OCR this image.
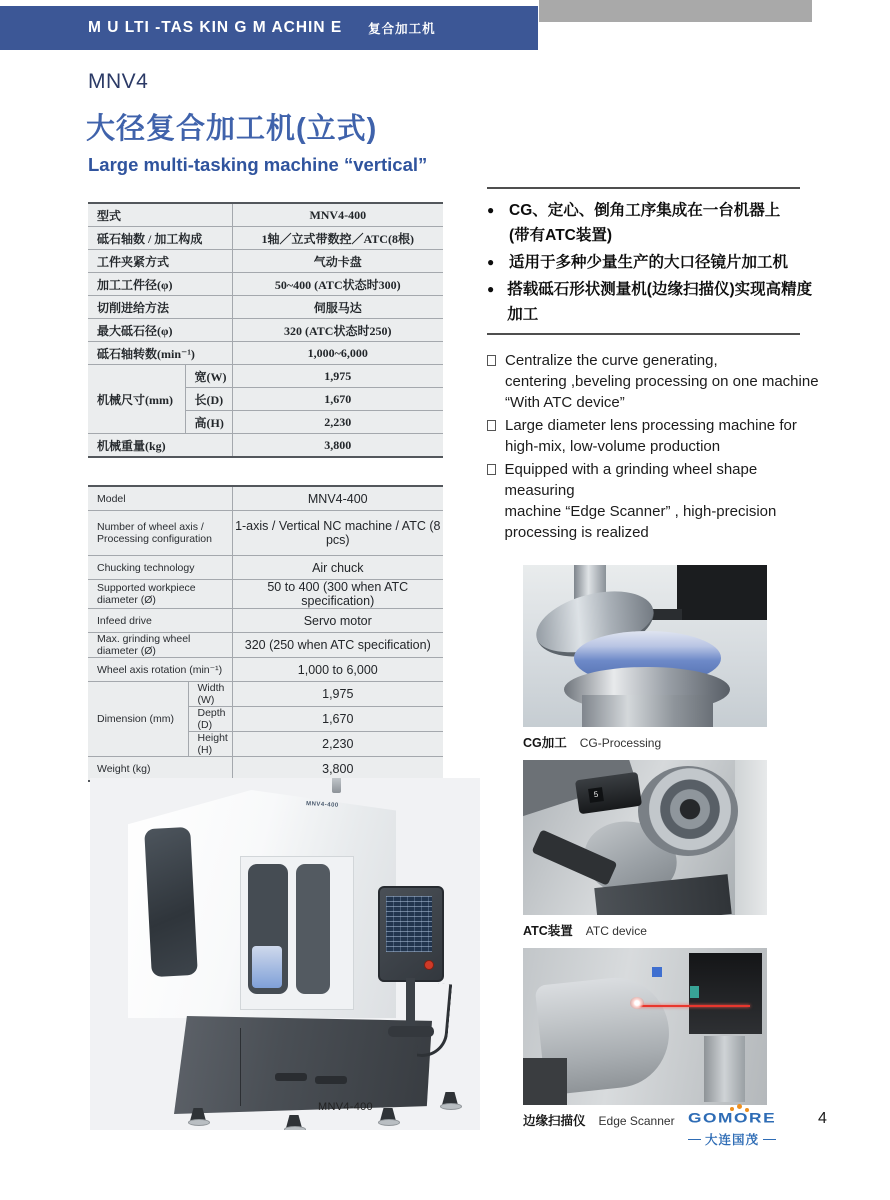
M U LTI -TAS KIN G M ACHIN E 复合加工机
MNV4
大径复合加工机(立式)
Large multi-tasking machine “vertical”
型式		MNV4-400
砥石轴数 / 加工构成		1轴／立式带数控／ATC(8根)
工件夹紧方式		气动卡盘
加工工件径(φ)		50~400 (ATC状态时300)
切削进给方法		伺服马达
最大砥石径(φ)		320 (ATC状态时250)
砥石轴转数(min⁻¹)		1,000~6,000
机械尺寸(mm)	宽(W)	1,975
	长(D)	1,670
	高(H)	2,230
机械重量(kg)		3,800
Model		MNV4-400
Number of wheel axis / Processing configuration		1-axis / Vertical NC machine / ATC (8 pcs)
Chucking technology		Air chuck
Supported workpiece diameter (Ø)		50 to 400 (300 when ATC specification)
Infeed drive		Servo motor
Max. grinding wheel diameter (Ø)		320 (250 when ATC specification)
Wheel axis rotation (min⁻¹)		1,000 to 6,000
Dimension (mm)	Width (W)	1,975
	Depth (D)	1,670
	Height (H)	2,230
Weight (kg)		3,800
● CG、定心、倒角工序集成在一台机器上
(带有ATC装置)
● 适用于多种少量生产的大口径镜片加工机
● 搭载砥石形状测量机(边缘扫描仪)实现高精度加工
Centralize the curve generating,
centering ,beveling processing on one machine
“With ATC device”
Large diameter lens processing machine for
high-mix, low-volume production
Equipped with a grinding wheel shape measuring
machine “Edge Scanner” , high-precision
processing is realized
MNV4-400
MNV4-400
CG加工 CG-Processing
5
ATC装置 ATC device
边缘扫描仪 Edge Scanner GOMORE
大连国茂
4
